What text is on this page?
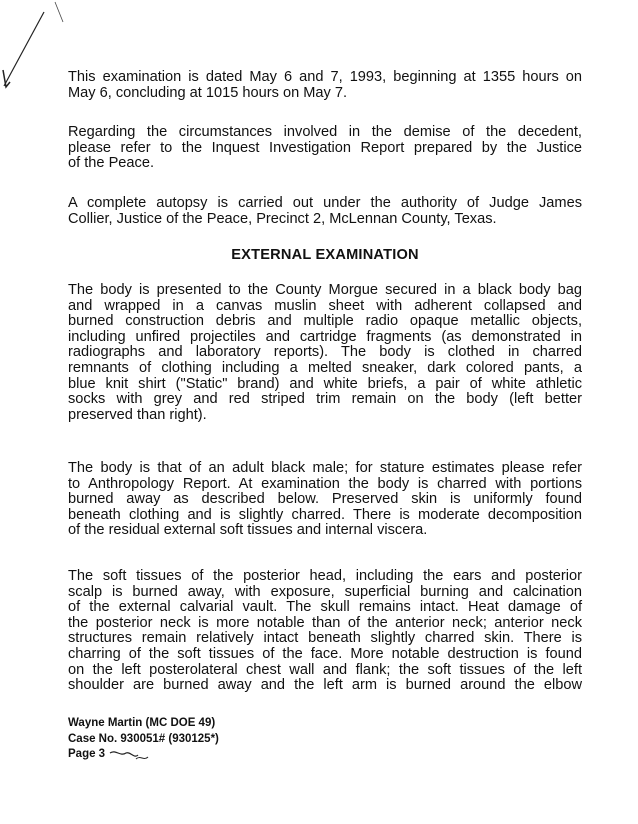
This examination is dated May 6 and 7, 1993, beginning at 1355 hours on
May 6, concluding at 1015 hours on May 7.
Regarding the circumstances involved in the demise of the decedent,
please refer to the Inquest Investigation Report prepared by the Justice
of the Peace.
A complete autopsy is carried out under the authority of Judge James
Collier, Justice of the Peace, Precinct 2, McLennan County, Texas.
EXTERNAL EXAMINATION
The body is presented to the County Morgue secured in a black body bag
and wrapped in a canvas muslin sheet with adherent collapsed and
burned construction debris and multiple radio opaque metallic objects,
including unfired projectiles and cartridge fragments (as demonstrated in
radiographs and laboratory reports). The body is clothed in charred
remnants of clothing including a melted sneaker, dark colored pants, a
blue knit shirt ("Static" brand) and white briefs, a pair of white athletic
socks with grey and red striped trim remain on the body (left better
preserved than right).
The body is that of an adult black male; for stature estimates please refer
to Anthropology Report. At examination the body is charred with portions
burned away as described below. Preserved skin is uniformly found
beneath clothing and is slightly charred. There is moderate decomposition
of the residual external soft tissues and internal viscera.
The soft tissues of the posterior head, including the ears and posterior
scalp is burned away, with exposure, superficial burning and calcination
of the external calvarial vault. The skull remains intact. Heat damage of
the posterior neck is more notable than of the anterior neck; anterior neck
structures remain relatively intact beneath slightly charred skin. There is
charring of the soft tissues of the face. More notable destruction is found
on the left posterolateral chest wall and flank; the soft tissues of the left
shoulder are burned away and the left arm is burned around the elbow
Wayne Martin (MC DOE 49)
Case No. 930051# (930125*)
Page 3
